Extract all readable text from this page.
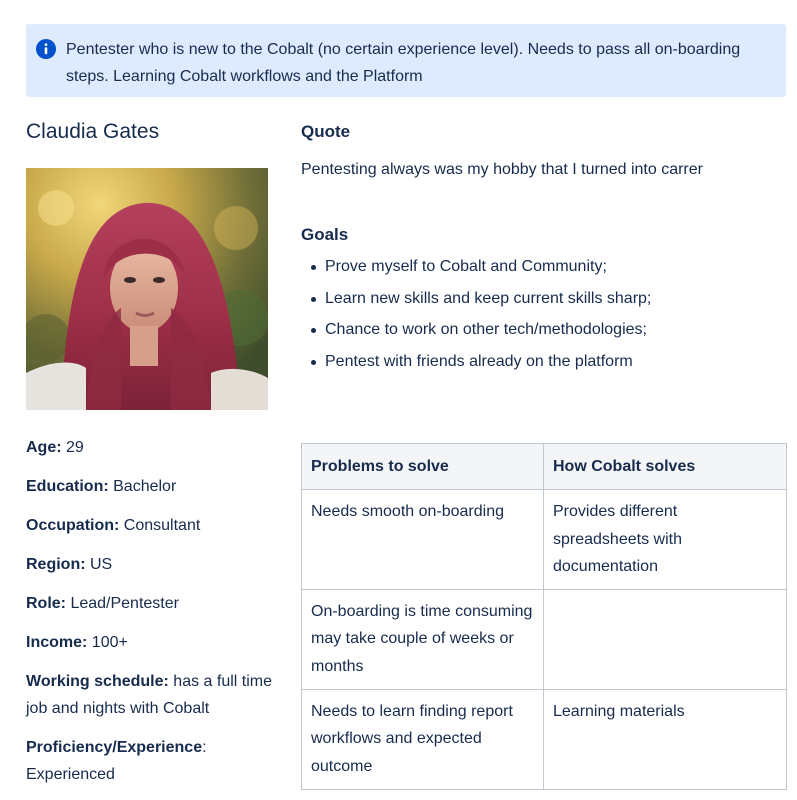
Pentester who is new to the Cobalt (no certain experience level). Needs to pass all on-boarding steps. Learning Cobalt workflows and the Platform

Claudia Gates

Age: 29

Education: Bachelor

Occupation: Consultant

Region: US

Role: Lead/Pentester

Income: 100+

Working schedule: has a full time job and nights with Cobalt

Proficiency/Experience: Experienced

Quote

Pentesting always was my hobby that I turned into carrer

Goals
Prove myself to Cobalt and Community;
Learn new skills and keep current skills sharp;
Chance to work on other tech/methodologies;
Pentest with friends already on the platform
Problems to solve	How Cobalt solves
Needs smooth on-boarding	Provides different spreadsheets with documentation
On-boarding is time consuming may take couple of weeks or months	
Needs to learn finding report workflows and expected outcome	Learning materials
